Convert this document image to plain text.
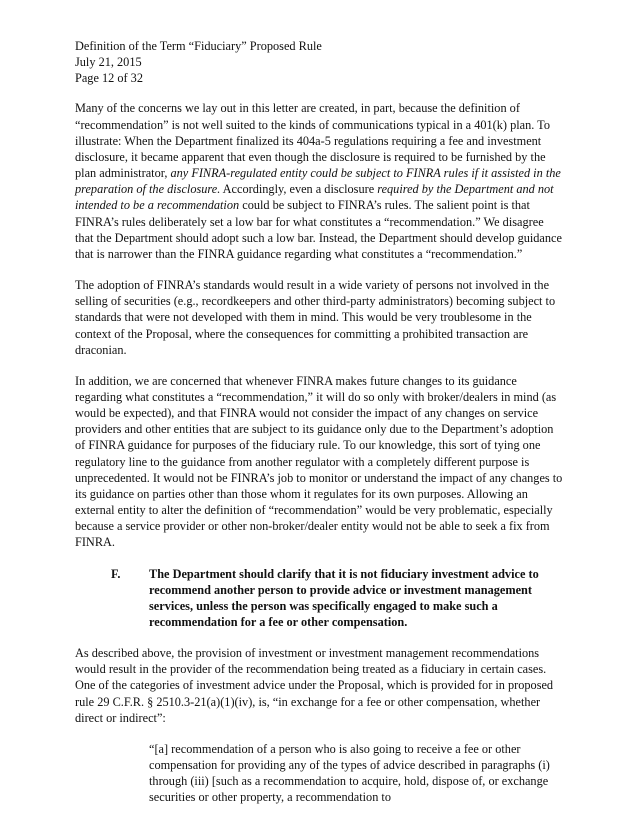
Definition of the Term “Fiduciary” Proposed Rule
July 21, 2015
Page 12 of 32

Many of the concerns we lay out in this letter are created, in part, because the definition of “recommendation” is not well suited to the kinds of communications typical in a 401(k) plan. To illustrate: When the Department finalized its 404a-5 regulations requiring a fee and investment disclosure, it became apparent that even though the disclosure is required to be furnished by the plan administrator, any FINRA-regulated entity could be subject to FINRA rules if it assisted in the preparation of the disclosure. Accordingly, even a disclosure required by the Department and not intended to be a recommendation could be subject to FINRA’s rules. The salient point is that FINRA’s rules deliberately set a low bar for what constitutes a “recommendation.” We disagree that the Department should adopt such a low bar. Instead, the Department should develop guidance that is narrower than the FINRA guidance regarding what constitutes a “recommendation.”

The adoption of FINRA’s standards would result in a wide variety of persons not involved in the selling of securities (e.g., recordkeepers and other third-party administrators) becoming subject to standards that were not developed with them in mind. This would be very troublesome in the context of the Proposal, where the consequences for committing a prohibited transaction are draconian.

In addition, we are concerned that whenever FINRA makes future changes to its guidance regarding what constitutes a “recommendation,” it will do so only with broker/dealers in mind (as would be expected), and that FINRA would not consider the impact of any changes on service providers and other entities that are subject to its guidance only due to the Department’s adoption of FINRA guidance for purposes of the fiduciary rule. To our knowledge, this sort of tying one regulatory line to the guidance from another regulator with a completely different purpose is unprecedented. It would not be FINRA’s job to monitor or understand the impact of any changes to its guidance on parties other than those whom it regulates for its own purposes. Allowing an external entity to alter the definition of “recommendation” would be very problematic, especially because a service provider or other non-broker/dealer entity would not be able to seek a fix from FINRA.

F. The Department should clarify that it is not fiduciary investment advice to recommend another person to provide advice or investment management services, unless the person was specifically engaged to make such a recommendation for a fee or other compensation.

As described above, the provision of investment or investment management recommendations would result in the provider of the recommendation being treated as a fiduciary in certain cases. One of the categories of investment advice under the Proposal, which is provided for in proposed rule 29 C.F.R. § 2510.3-21(a)(1)(iv), is, “in exchange for a fee or other compensation, whether direct or indirect”:

“[a] recommendation of a person who is also going to receive a fee or other compensation for providing any of the types of advice described in paragraphs (i) through (iii) [such as a recommendation to acquire, hold, dispose of, or exchange securities or other property, a recommendation to
